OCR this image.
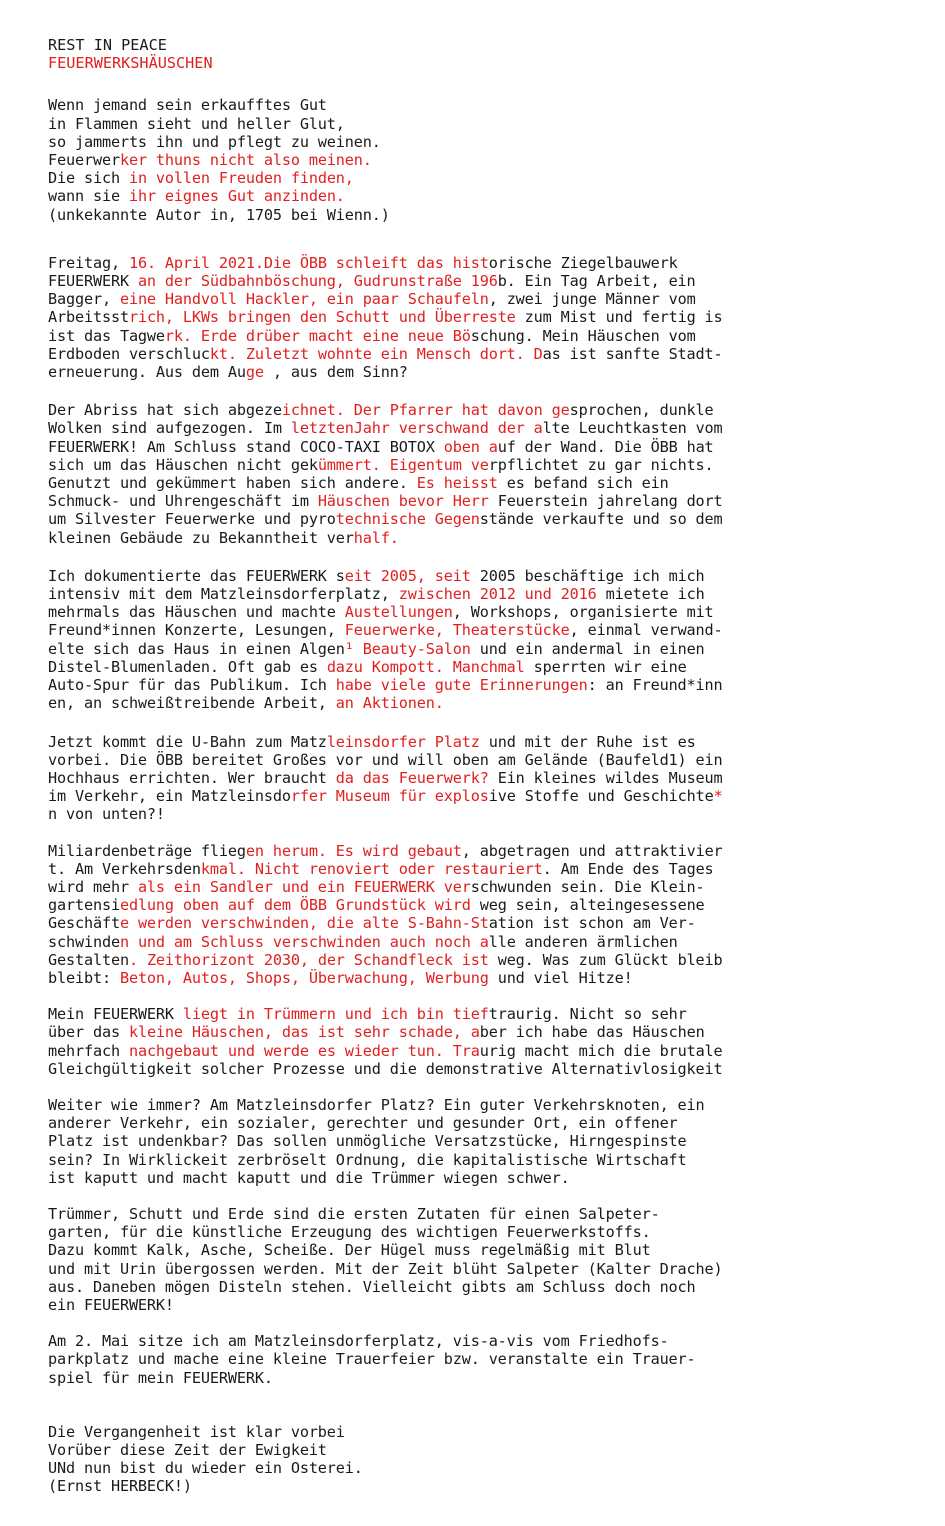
REST IN PEACE
FEUERWERKSHÄUSCHEN
Wenn jemand sein erkaufftes Gut
in Flammen sieht und heller Glut,
so jammerts ihn und pflegt zu weinen.
Feuerwerker thuns nicht also meinen.
Die sich in vollen Freuden finden,
wann sie ihr eignes Gut anzinden.
(unkekannte Autor in, 1705 bei Wienn.)
Freitag, 16. April 2021.Die ÖBB schleift das historische Ziegelbauwerk
FEUERWERK an der Südbahnböschung, Gudrunstraße 196b. Ein Tag Arbeit, ein
Bagger, eine Handvoll Hackler, ein paar Schaufeln, zwei junge Männer vom
Arbeitsstrich, LKWs bringen den Schutt und Überreste zum Mist und fertig is
ist das Tagwerk. Erde drüber macht eine neue Böschung. Mein Häuschen vom
Erdboden verschluckt. Zuletzt wohnte ein Mensch dort. Das ist sanfte Stadt-
erneuerung. Aus dem Auge , aus dem Sinn?
Der Abriss hat sich abgezeichnet. Der Pfarrer hat davon gesprochen, dunkle
Wolken sind aufgezogen. Im letztenJahr verschwand der alte Leuchtkasten vom
FEUERWERK! Am Schluss stand COCO-TAXI BOTOX oben auf der Wand. Die ÖBB hat
sich um das Häuschen nicht gekümmert. Eigentum verpflichtet zu gar nichts.
Genutzt und gekümmert haben sich andere. Es heisst es befand sich ein
Schmuck- und Uhrengeschäft im Häuschen bevor Herr Feuerstein jahrelang dort
um Silvester Feuerwerke und pyrotechnische Gegenstände verkaufte und so dem
kleinen Gebäude zu Bekanntheit verhalf.
Ich dokumentierte das FEUERWERK seit 2005, seit 2005 beschäftige ich mich
intensiv mit dem Matzleinsdorferplatz, zwischen 2012 und 2016 mietete ich
mehrmals das Häuschen und machte Austellungen, Workshops, organisierte mit
Freund*innen Konzerte, Lesungen, Feuerwerke, Theaterstücke, einmal verwand-
elte sich das Haus in einen Algen¹ Beauty-Salon und ein andermal in einen
Distel-Blumenladen. Oft gab es dazu Kompott. Manchmal sperrten wir eine
Auto-Spur für das Publikum. Ich habe viele gute Erinnerungen: an Freund*inn
en, an schweißtreibende Arbeit, an Aktionen.
Jetzt kommt die U-Bahn zum Matzleinsdorfer Platz und mit der Ruhe ist es
vorbei. Die ÖBB bereitet Großes vor und will oben am Gelände (Baufeld1) ein
Hochhaus errichten. Wer braucht da das Feuerwerk? Ein kleines wildes Museum
im Verkehr, ein Matzleinsdorfer Museum für explosive Stoffe und Geschichte*
n von unten?!
Miliardenbeträge fliegen herum. Es wird gebaut, abgetragen und attraktivier
t. Am Verkehrsdenkmal. Nicht renoviert oder restauriert. Am Ende des Tages
wird mehr als ein Sandler und ein FEUERWERK verschwunden sein. Die Klein-
gartensiedlung oben auf dem ÖBB Grundstück wird weg sein, alteingesessene
Geschäfte werden verschwinden, die alte S-Bahn-Station ist schon am Ver-
schwinden und am Schluss verschwinden auch noch alle anderen ärmlichen
Gestalten. Zeithorizont 2030, der Schandfleck ist weg. Was zum Glückt bleib
bleibt: Beton, Autos, Shops, Überwachung, Werbung und viel Hitze!
Mein FEUERWERK liegt in Trümmern und ich bin tieftraurig. Nicht so sehr
über das kleine Häuschen, das ist sehr schade, aber ich habe das Häuschen
mehrfach nachgebaut und werde es wieder tun. Traurig macht mich die brutale
Gleichgültigkeit solcher Prozesse und die demonstrative Alternativlosigkeit
Weiter wie immer? Am Matzleinsdorfer Platz? Ein guter Verkehrsknoten, ein
anderer Verkehr, ein sozialer, gerechter und gesunder Ort, ein offener
Platz ist undenkbar? Das sollen unmögliche Versatzstücke, Hirngespinste
sein? In Wirklickeit zerbröselt Ordnung, die kapitalistische Wirtschaft
ist kaputt und macht kaputt und die Trümmer wiegen schwer.
Trümmer, Schutt und Erde sind die ersten Zutaten für einen Salpeter-
garten, für die künstliche Erzeugung des wichtigen Feuerwerkstoffs.
Dazu kommt Kalk, Asche, Scheiße. Der Hügel muss regelmäßig mit Blut
und mit Urin übergossen werden. Mit der Zeit blüht Salpeter (Kalter Drache)
aus. Daneben mögen Disteln stehen. Vielleicht gibts am Schluss doch noch
ein FEUERWERK!
Am 2. Mai sitze ich am Matzleinsdorferplatz, vis-a-vis vom Friedhofs-
parkplatz und mache eine kleine Trauerfeier bzw. veranstalte ein Trauer-
spiel für mein FEUERWERK.
Die Vergangenheit ist klar vorbei
Vorüber diese Zeit der Ewigkeit
UNd nun bist du wieder ein Osterei.
(Ernst HERBECK!)
